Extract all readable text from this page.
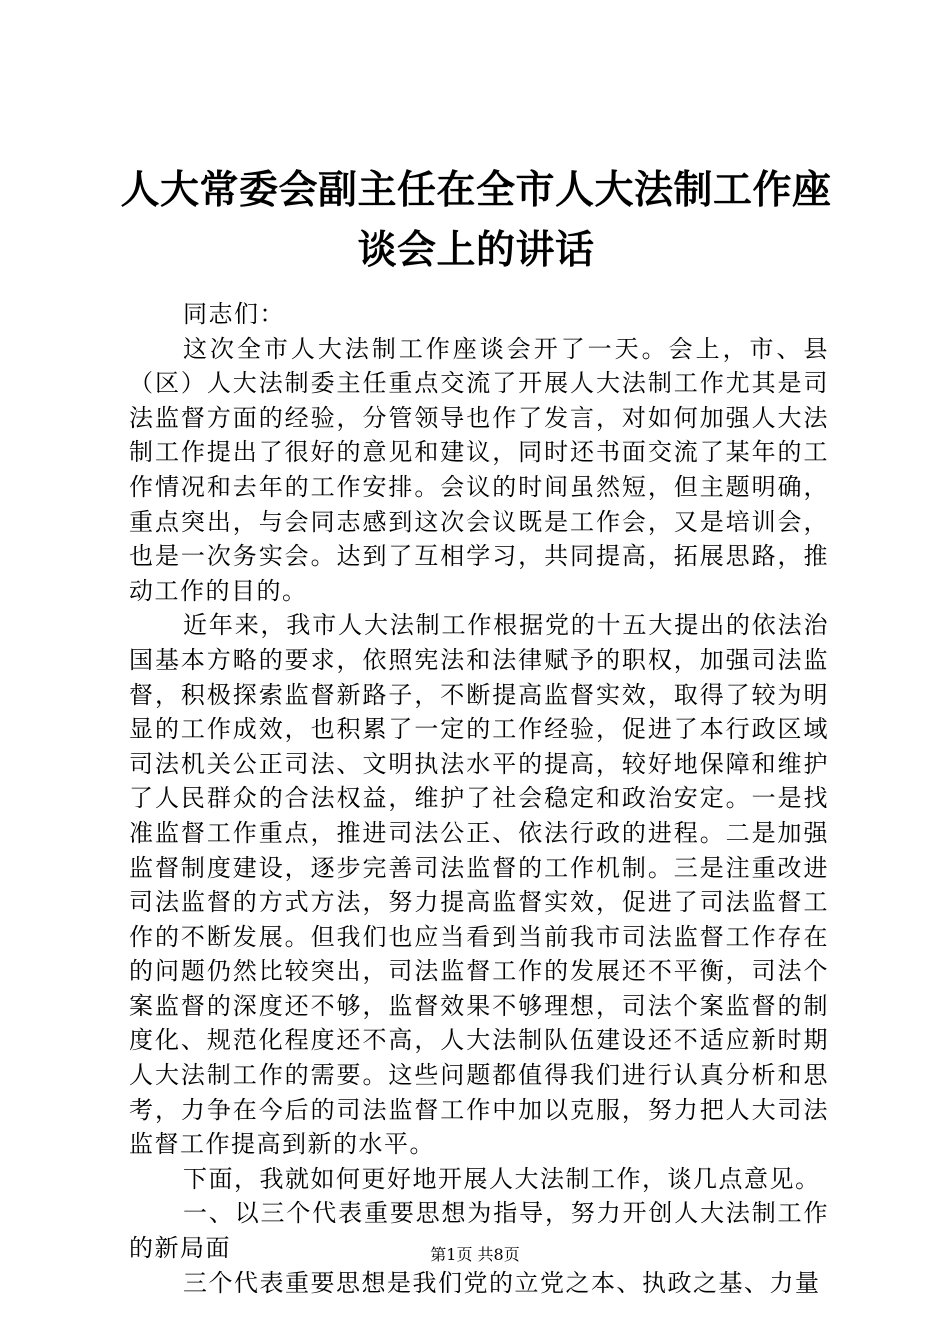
人大常委会副主任在全市人大法制工作座谈会上的讲话

同志们：

这次全市人大法制工作座谈会开了一天。会上，市、县（区）人大法制委主任重点交流了开展人大法制工作尤其是司法监督方面的经验，分管领导也作了发言，对如何加强人大法制工作提出了很好的意见和建议，同时还书面交流了某年的工作情况和去年的工作安排。会议的时间虽然短，但主题明确，重点突出，与会同志感到这次会议既是工作会，又是培训会，也是一次务实会。达到了互相学习，共同提高，拓展思路，推动工作的目的。

近年来，我市人大法制工作根据党的十五大提出的依法治国基本方略的要求，依照宪法和法律赋予的职权，加强司法监督，积极探索监督新路子，不断提高监督实效，取得了较为明显的工作成效，也积累了一定的工作经验，促进了本行政区域司法机关公正司法、文明执法水平的提高，较好地保障和维护了人民群众的合法权益，维护了社会稳定和政治安定。一是找准监督工作重点，推进司法公正、依法行政的进程。二是加强监督制度建设，逐步完善司法监督的工作机制。三是注重改进司法监督的方式方法，努力提高监督实效，促进了司法监督工作的不断发展。但我们也应当看到当前我市司法监督工作存在的问题仍然比较突出，司法监督工作的发展还不平衡，司法个案监督的深度还不够，监督效果不够理想，司法个案监督的制度化、规范化程度还不高，人大法制队伍建设还不适应新时期人大法制工作的需要。这些问题都值得我们进行认真分析和思考，力争在今后的司法监督工作中加以克服，努力把人大司法监督工作提高到新的水平。

下面，我就如何更好地开展人大法制工作，谈几点意见。

一、以三个代表重要思想为指导，努力开创人大法制工作的新局面

三个代表重要思想是我们党的立党之本、执政之基、力量

第1页 共8页
